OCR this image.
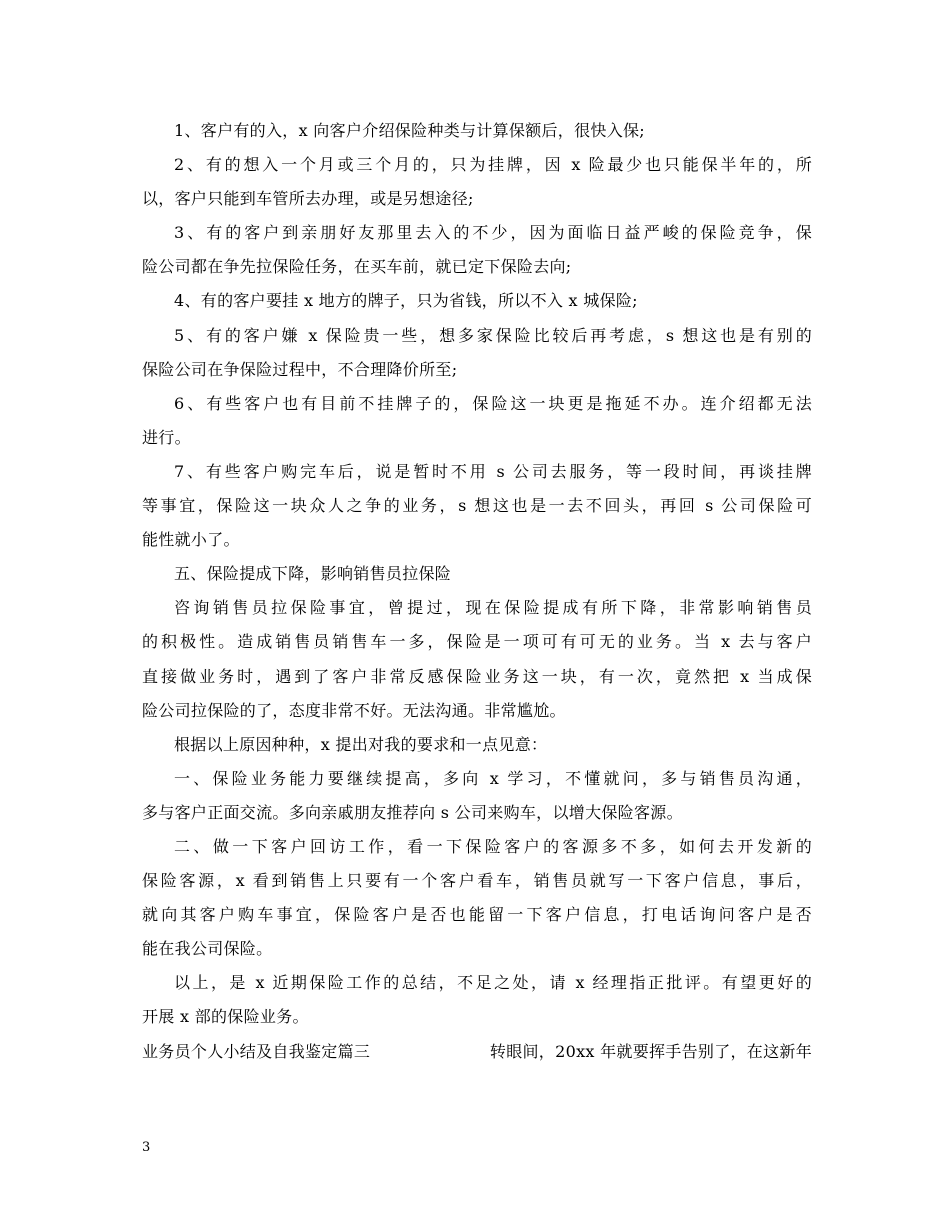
1、客户有的入，x 向客户介绍保险种类与计算保额后，很快入保;
2、有的想入一个月或三个月的，只为挂牌，因 x 险最少也只能保半年的，所
以，客户只能到车管所去办理，或是另想途径;
3、有的客户到亲朋好友那里去入的不少，因为面临日益严峻的保险竞争，保
险公司都在争先拉保险任务，在买车前，就已定下保险去向;
4、有的客户要挂 x 地方的牌子，只为省钱，所以不入 x 城保险;
5、有的客户嫌 x 保险贵一些，想多家保险比较后再考虑，s 想这也是有别的
保险公司在争保险过程中，不合理降价所至;
6、有些客户也有目前不挂牌子的，保险这一块更是拖延不办。连介绍都无法
进行。
7、有些客户购完车后，说是暂时不用 s 公司去服务，等一段时间，再谈挂牌
等事宜，保险这一块众人之争的业务，s 想这也是一去不回头，再回 s 公司保险可
能性就小了。
五、保险提成下降，影响销售员拉保险
咨询销售员拉保险事宜，曾提过，现在保险提成有所下降，非常影响销售员
的积极性。造成销售员销售车一多，保险是一项可有可无的业务。当 x 去与客户
直接做业务时，遇到了客户非常反感保险业务这一块，有一次，竟然把 x 当成保
险公司拉保险的了，态度非常不好。无法沟通。非常尴尬。
根据以上原因种种，x 提出对我的要求和一点见意：
一、保险业务能力要继续提高，多向 x 学习，不懂就问，多与销售员沟通，
多与客户正面交流。多向亲戚朋友推荐向 s 公司来购车，以增大保险客源。
二、做一下客户回访工作，看一下保险客户的客源多不多，如何去开发新的
保险客源，x 看到销售上只要有一个客户看车，销售员就写一下客户信息，事后，
就向其客户购车事宜，保险客户是否也能留一下客户信息，打电话询问客户是否
能在我公司保险。
以上，是 x 近期保险工作的总结，不足之处，请 x 经理指正批评。有望更好的
开展 x 部的保险业务。
业务员个人小结及自我鉴定篇三	转眼间，20xx 年就要挥手告别了，在这新年
3
